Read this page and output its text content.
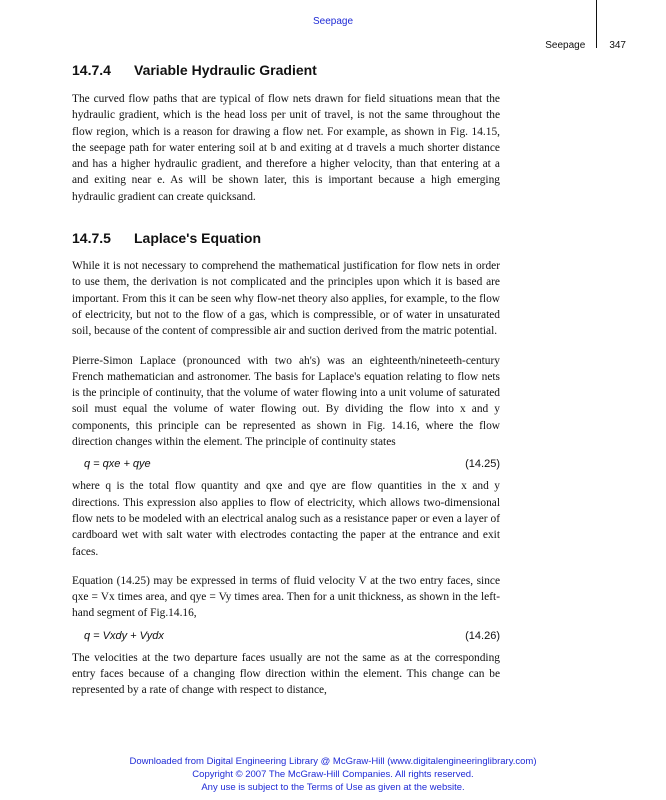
Seepage
Seepage 347
14.7.4 Variable Hydraulic Gradient

The curved flow paths that are typical of flow nets drawn for field situations mean that the hydraulic gradient, which is the head loss per unit of travel, is not the same throughout the flow region, which is a reason for drawing a flow net. For example, as shown in Fig. 14.15, the seepage path for water entering soil at b and exiting at d travels a much shorter distance and has a higher hydraulic gradient, and therefore a higher velocity, than that entering at a and exiting near e. As will be shown later, this is important because a high emerging hydraulic gradient can create quicksand.

14.7.5 Laplace's Equation

While it is not necessary to comprehend the mathematical justification for flow nets in order to use them, the derivation is not complicated and the principles upon which it is based are important. From this it can be seen why flow-net theory also applies, for example, to the flow of electricity, but not to the flow of a gas, which is compressible, or of water in unsaturated soil, because of the content of compressible air and suction derived from the matric potential.

Pierre-Simon Laplace (pronounced with two ah's) was an eighteenth/nineteeth-century French mathematician and astronomer. The basis for Laplace's equation relating to flow nets is the principle of continuity, that the volume of water flowing into a unit volume of saturated soil must equal the volume of water flowing out. By dividing the flow into x and y components, this principle can be represented as shown in Fig. 14.16, where the flow direction changes within the element. The principle of continuity states

q = qxe + qye	(14.25)

where q is the total flow quantity and qxe and qye are flow quantities in the x and y directions. This expression also applies to flow of electricity, which allows two-dimensional flow nets to be modeled with an electrical analog such as a resistance paper or even a layer of cardboard wet with salt water with electrodes contacting the paper at the entrance and exit faces.

Equation (14.25) may be expressed in terms of fluid velocity V at the two entry faces, since qxe = Vx times area, and qye = Vy times area. Then for a unit thickness, as shown in the left-hand segment of Fig.14.16,

q = Vxdy + Vydx	(14.26)

The velocities at the two departure faces usually are not the same as at the corresponding entry faces because of a changing flow direction within the element. This change can be represented by a rate of change with respect to distance,

Downloaded from Digital Engineering Library @ McGraw-Hill (www.digitalengineeringlibrary.com)
Copyright © 2007 The McGraw-Hill Companies. All rights reserved.
Any use is subject to the Terms of Use as given at the website.
